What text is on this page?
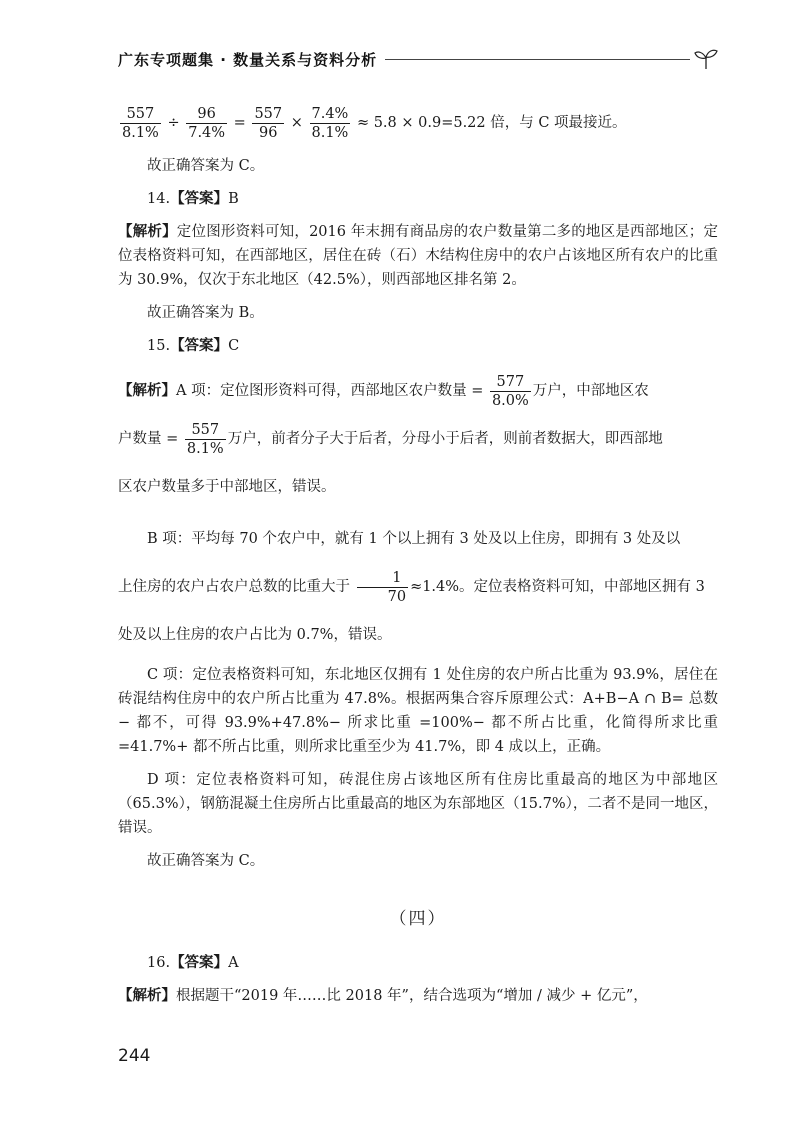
广东专项题集 · 数量关系与资料分析

$\frac{557}{8.1\%} \div \frac{96}{7.4\%} = \frac{557}{96} \times \frac{7.4\%}{8.1\%} \approx 5.8 \times 0.9=5.22$ 倍，与 C 项最接近。

故正确答案为 C。

14.【答案】B

【解析】定位图形资料可知，2016 年末拥有商品房的农户数量第二多的地区是西部地区；定位表格资料可知，在西部地区，居住在砖（石）木结构住房中的农户占该地区所有农户的比重为 30.9%，仅次于东北地区（42.5%），则西部地区排名第 2。

故正确答案为 B。

15.【答案】C

【解析】A 项：定位图形资料可得，西部地区农户数量 = $\frac{577}{8.0\%}$ 万户，中部地区农
户数量 = $\frac{557}{8.1\%}$ 万户，前者分子大于后者，分母小于后者，则前者数据大，即西部地
区农户数量多于中部地区，错误。

B 项：平均每 70 个农户中，就有 1 个以上拥有 3 处及以上住房，即拥有 3 处及以
上住房的农户占农户总数的比重大于 $\frac{1}{70} \approx 1.4\%$。定位表格资料可知，中部地区拥有 3
处及以上住房的农户占比为 0.7%，错误。

C 项：定位表格资料可知，东北地区仅拥有 1 处住房的农户所占比重为 93.9%，居住在砖混结构住房中的农户所占比重为 47.8%。根据两集合容斥原理公式：A+B−A ∩ B= 总数 − 都不，可得 93.9%+47.8%− 所求比重 =100%− 都不所占比重，化简得所求比重 =41.7%+ 都不所占比重，则所求比重至少为 41.7%，即 4 成以上，正确。

D 项：定位表格资料可知，砖混住房占该地区所有住房比重最高的地区为中部地区（65.3%），钢筋混凝土住房所占比重最高的地区为东部地区（15.7%），二者不是同一地区，错误。

故正确答案为 C。

（四）

16.【答案】A

【解析】根据题干“2019 年……比 2018 年”，结合选项为“增加 / 减少 + 亿元”，

244
